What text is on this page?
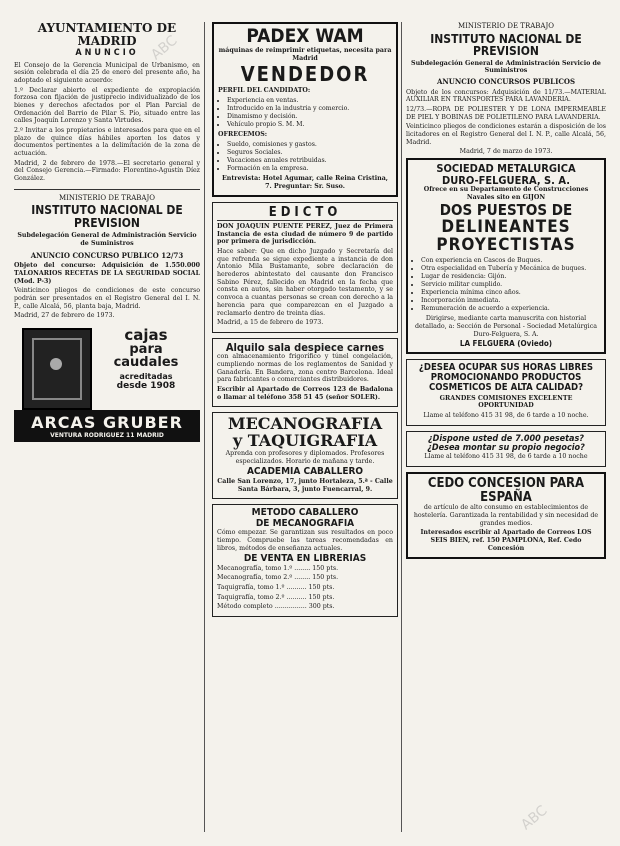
ABC
ABC
AYUNTAMIENTO DE MADRID
ANUNCIO

El Consejo de la Gerencia Municipal de Urbanismo, en sesión celebrada el día 25 de enero del presente año, ha adoptado el siguiente acuerdo:

1.º Declarar abierto el expediente de expropiación forzosa con fijación de justiprecio individualizado de los bienes y derechos afectados por el Plan Parcial de Ordenación del Barrio de Pilar S. Pío, situado entre las calles Joaquín Lorenzo y Santa Virtudes.

2.º Invitar a los propietarios e interesados para que en el plazo de quince días hábiles aporten los datos y documentos pertinentes a la delimitación de la zona de actuación.

Madrid, 2 de febrero de 1978.—El secretario general y del Consejo Gerencia.—Firmado: Florentino-Agustín Díez González.

MINISTERIO DE TRABAJO
INSTITUTO NACIONAL DE PREVISION
Subdelegación General de Administración Servicio de Suministros
ANUNCIO CONCURSO PUBLICO 12/73

Objeto del concurso: Adquisición de 1.550.000 TALONARIOS RECETAS DE LA SEGURIDAD SOCIAL (Mod. P-3)

Veinticinco pliegos de condiciones de este concurso podrán ser presentados en el Registro General del I. N. P., calle Alcalá, 56, planta baja, Madrid.

Madrid, 27 de febrero de 1973.

cajas
para
caudales
acreditadas
desde 1908
ARCAS GRUBER
VENTURA RODRIGUEZ 11 MADRID
PADEX WAM
máquinas de reimprimir etiquetas, necesita para Madrid
VENDEDOR
PERFIL DEL CANDIDATO:
• Experiencia en ventas.
• Introducido en la industria y comercio.
• Dinamismo y decisión.
• Vehículo propio S. M. M.
OFRECEMOS:
• Sueldo, comisiones y gastos.
• Seguros Sociales.
• Vacaciones anuales retribuidas.
• Formación en la empresa.

Entrevista: Hotel Agumar, calle Reina Cristina, 7. Preguntar: Sr. Suso.

EDICTO

DON JOAQUIN PUENTE PEREZ, Juez de Primera Instancia de esta ciudad de número 9 de partido por primera de jurisdicción.

Hace saber: Que en dicho Juzgado y Secretaría del que refrenda se sigue expediente a instancia de don Antonio Mila Bustamante, sobre declaración de herederos abintestato del causante don Francisco Sabino Pérez, fallecido en Madrid en la fecha que consta en autos, sin haber otorgado testamento, y se convoca a cuantas personas se crean con derecho a la herencia para que comparezcan en el Juzgado a reclamarlo dentro de treinta días.

Madrid, a 15 de febrero de 1973.

Alquilo sala despiece carnes

con almacenamiento frigorífico y túnel congelación, cumpliendo normas de los reglamentos de Sanidad y Ganadería. En Bandera, zona centro Barcelona. Ideal para fabricantes o comerciantes distribuidores.

Escribir al Apartado de Correos 123 de Badalona o llamar al teléfono 358 51 45 (señor SOLER).

MECANOGRAFIA
y TAQUIGRAFIA

Aprenda con profesores y diplomados. Profesores especializados. Horario de mañana y tarde.

ACADEMIA CABALLERO

Calle San Lorenzo, 17, junto Hortaleza, 5.ª - Calle Santa Bárbara, 3, junto Fuencarral, 9.

METODO CABALLERO
DE MECANOGRAFIA

Cómo empezar. Se garantizan sus resultados en poco tiempo. Compruebe las tareas recomendadas en libros, métodos de enseñanza actuales.

DE VENTA EN LIBRERIAS
Mecanografía, tomo 1.º ........ 150 pts.
Mecanografía, tomo 2.º ........ 150 pts.
Taquigrafía, tomo 1.º .......... 150 pts.
Taquigrafía, tomo 2.º .......... 150 pts.
Método completo ................ 300 pts.
MINISTERIO DE TRABAJO
INSTITUTO NACIONAL DE PREVISION
Subdelegación General de Administración Servicio de Suministros
ANUNCIO CONCURSOS PUBLICOS

Objeto de los concursos: Adquisición de 11/73.—MATERIAL AUXILIAR EN TRANSPORTES PARA LAVANDERIA.

12/73.—ROPA DE POLIESTER Y DE LONA IMPERMEABLE DE PIEL Y BOBINAS DE POLIETILENO PARA LAVANDERIA.

Veinticinco pliegos de condiciones estarán a disposición de los licitadores en el Registro General del I. N. P., calle Alcalá, 56, Madrid.

Madrid, 7 de marzo de 1973.

SOCIEDAD METALURGICA
DURO-FELGUERA, S. A.

Ofrece en su Departamento de Construcciones Navales sito en GIJON

DOS PUESTOS DE
DELINEANTES
PROYECTISTAS
• Con experiencia en Cascos de Buques.
• Otra especialidad en Tubería y Mecánica de buques.
• Lugar de residencia: Gijón.
• Servicio militar cumplido.
• Experiencia mínima cinco años.
• Incorporación inmediata.
• Remuneración de acuerdo a experiencia.

Dirigirse, mediante carta manuscrita con historial detallado, a: Sección de Personal - Sociedad Metalúrgica Duro-Felguera, S. A.

LA FELGUERA (Oviedo)
¿DESEA OCUPAR SUS HORAS LIBRES PROMOCIONANDO PRODUCTOS COSMETICOS DE ALTA CALIDAD?

GRANDES COMISIONES EXCELENTE OPORTUNIDAD

Llame al teléfono 415 31 98, de 6 tarde a 10 noche.

¿Dispone usted de 7.000 pesetas?
¿Desea montar su propio negocio?

Llame al teléfono 415 31 98, de 6 tarde a 10 noche

CEDO CONCESION PARA ESPAÑA

de artículo de alto consumo en establecimientos de hostelería. Garantizada la rentabilidad y sin necesidad de grandes medios.

Interesados escribir al Apartado de Correos LOS SEIS BIEN, ref. 150 PAMPLONA, Ref. Cedo Concesión
